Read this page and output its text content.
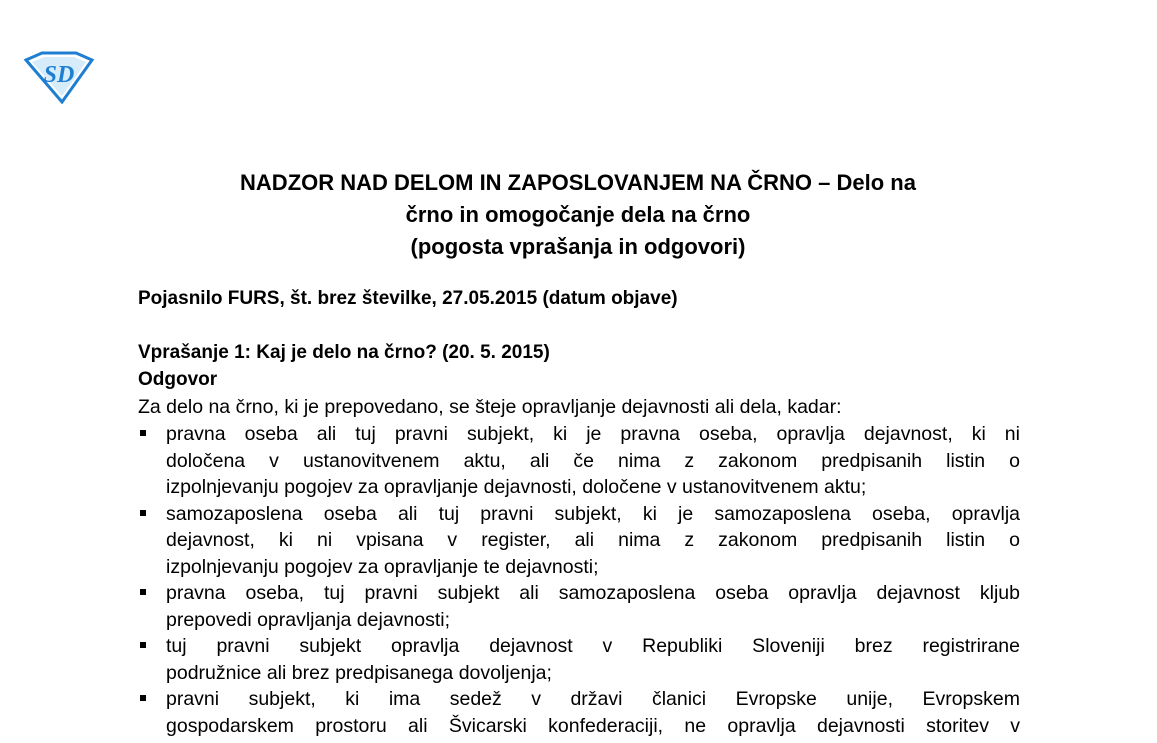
SD
NADZOR NAD DELOM IN ZAPOSLOVANJEM NA ČRNO – Delo na
črno in omogočanje dela na črno
(pogosta vprašanja in odgovori)
Pojasnilo FURS, št. brez številke, 27.05.2015 (datum objave)
Vprašanje 1: Kaj je delo na črno? (20. 5. 2015)
Odgovor
Za delo na črno, ki je prepovedano, se šteje opravljanje dejavnosti ali dela, kadar:
pravna oseba ali tuj pravni subjekt, ki je pravna oseba, opravlja dejavnost, ki ni
določena v ustanovitvenem aktu, ali če nima z zakonom predpisanih listin o
izpolnjevanju pogojev za opravljanje dejavnosti, določene v ustanovitvenem aktu;
samozaposlena oseba ali tuj pravni subjekt, ki je samozaposlena oseba, opravlja
dejavnost, ki ni vpisana v register, ali nima z zakonom predpisanih listin o
izpolnjevanju pogojev za opravljanje te dejavnosti;
pravna oseba, tuj pravni subjekt ali samozaposlena oseba opravlja dejavnost kljub
prepovedi opravljanja dejavnosti;
tuj pravni subjekt opravlja dejavnost v Republiki Sloveniji brez registrirane
podružnice ali brez predpisanega dovoljenja;
pravni subjekt, ki ima sedež v državi članici Evropske unije, Evropskem
gospodarskem prostoru ali Švicarski konfederaciji, ne opravlja dejavnosti storitev v
